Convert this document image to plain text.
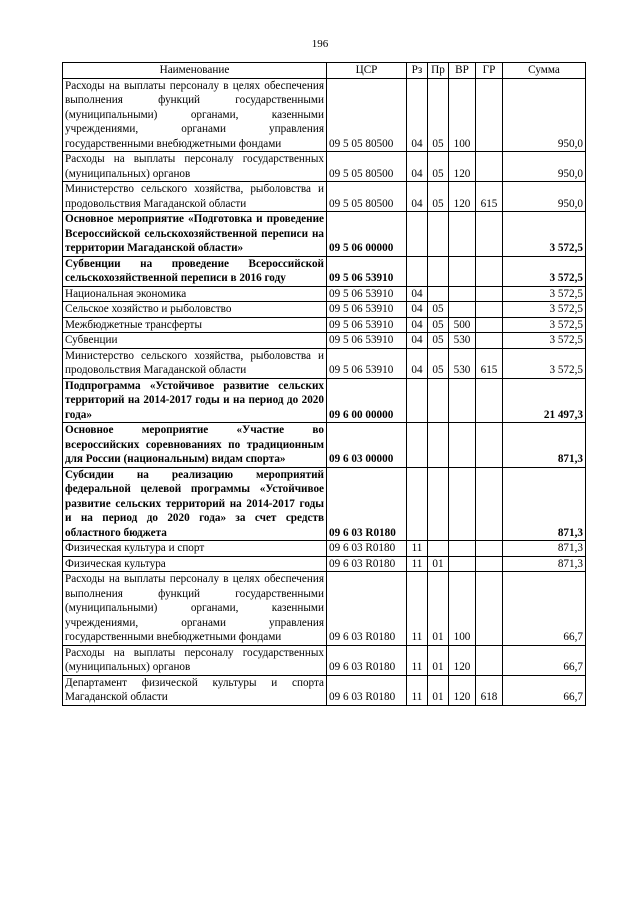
196
Наименование	ЦСР	Рз	Пр	ВР	ГР	Сумма
Расходы на выплаты персоналу в целях обеспечения выполнения функций государственными (муниципальными) органами, казенными учреждениями, органами управления государственными внебюджетными фондами	09 5 05 80500	04	05	100		950,0
Расходы на выплаты персоналу государственных (муниципальных) органов	09 5 05 80500	04	05	120		950,0
Министерство сельского хозяйства, рыболовства и продовольствия Магаданской области	09 5 05 80500	04	05	120	615	950,0
Основное мероприятие «Подготовка и проведение Всероссийской сельскохозяйственной переписи на территории Магаданской области»	09 5 06 00000					3 572,5
Субвенции на проведение Всероссийской сельскохозяйственной переписи в 2016 году	09 5 06 53910					3 572,5
Национальная экономика	09 5 06 53910	04				3 572,5
Сельское хозяйство и рыболовство	09 5 06 53910	04	05			3 572,5
Межбюджетные трансферты	09 5 06 53910	04	05	500		3 572,5
Субвенции	09 5 06 53910	04	05	530		3 572,5
Министерство сельского хозяйства, рыболовства и продовольствия Магаданской области	09 5 06 53910	04	05	530	615	3 572,5
Подпрограмма «Устойчивое развитие сельских территорий на 2014-2017 годы и на период до 2020 года»	09 6 00 00000					21 497,3
Основное мероприятие «Участие во всероссийских соревнованиях по традиционным для России (национальным) видам спорта»	09 6 03 00000					871,3
Субсидии на реализацию мероприятий федеральной целевой программы «Устойчивое развитие сельских территорий на 2014-2017 годы и на период до 2020 года» за счет средств областного бюджета	09 6 03 R0180					871,3
Физическая культура и спорт	09 6 03 R0180	11				871,3
Физическая культура	09 6 03 R0180	11	01			871,3
Расходы на выплаты персоналу в целях обеспечения выполнения функций государственными (муниципальными) органами, казенными учреждениями, органами управления государственными внебюджетными фондами	09 6 03 R0180	11	01	100		66,7
Расходы на выплаты персоналу государственных (муниципальных) органов	09 6 03 R0180	11	01	120		66,7
Департамент физической культуры и спорта Магаданской области	09 6 03 R0180	11	01	120	618	66,7
